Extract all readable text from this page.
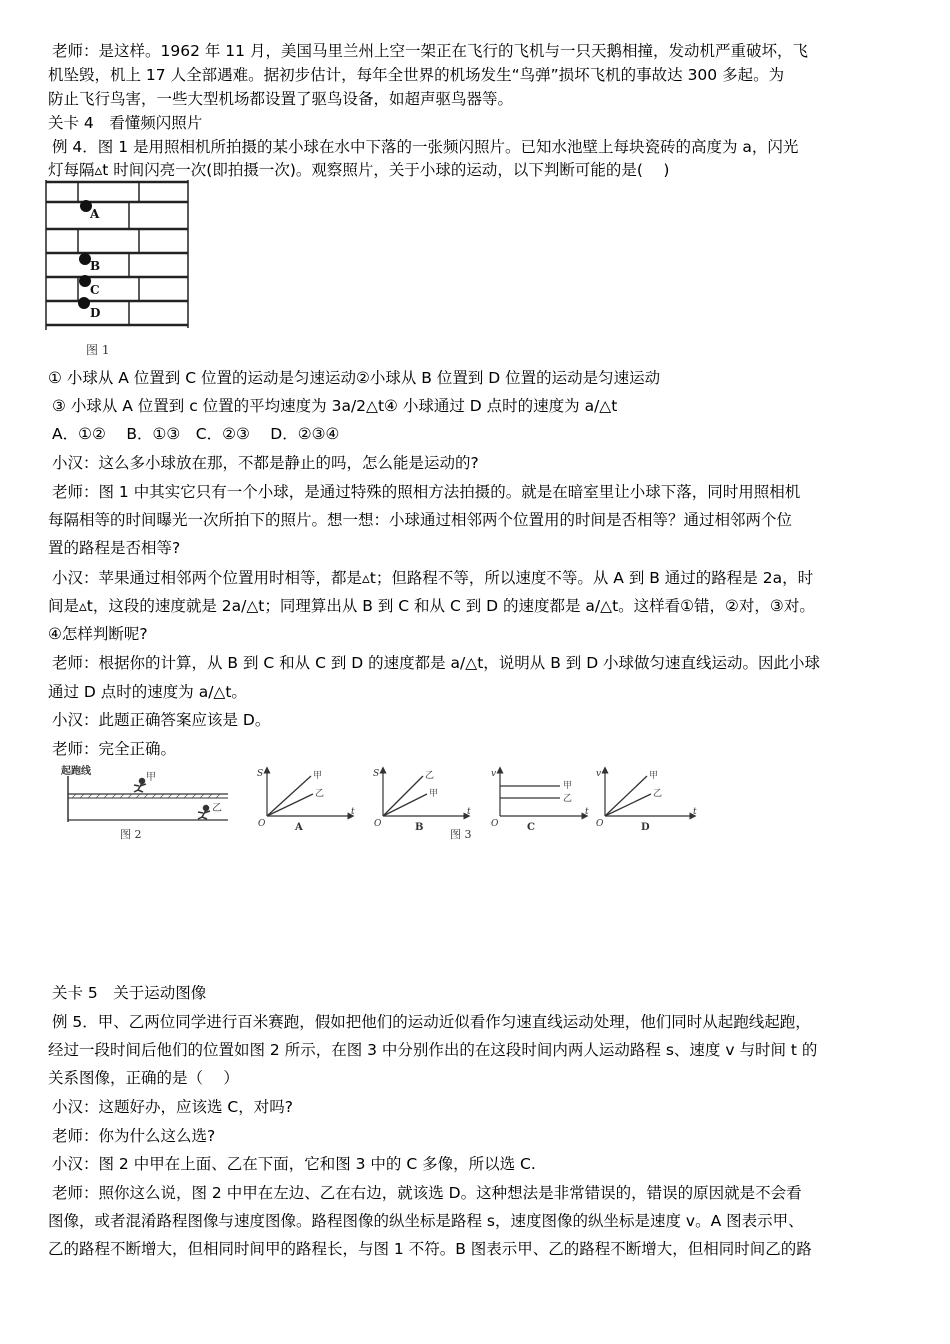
老师：是这样。1962 年 11 月，美国马里兰州上空一架正在飞行的飞机与一只天鹅相撞，发动机严重破坏，飞
机坠毁，机上 17 人全部遇难。据初步估计，每年全世界的机场发生“鸟弹”损坏飞机的事故达 300 多起。为
防止飞行鸟害，一些大型机场都设置了驱鸟设备，如超声驱鸟器等。
关卡 4　看懂频闪照片
例 4．图 1 是用照相机所拍摄的某小球在水中下落的一张频闪照片。已知水池壁上每块瓷砖的高度为 a，闪光
灯每隔▵t 时间闪亮一次(即拍摄一次)。观察照片，关于小球的运动，以下判断可能的是(　 )
A
B
C
D
图 1
① 小球从 A 位置到 C 位置的运动是匀速运动②小球从 B 位置到 D 位置的运动是匀速运动
③ 小球从 A 位置到 c 位置的平均速度为 3a/2△t④ 小球通过 D 点时的速度为 a/△t
A．①②　 B．①③　C．②③　 D．②③④
小汉：这么多小球放在那，不都是静止的吗，怎么能是运动的?
老师：图 1 中其实它只有一个小球，是通过特殊的照相方法拍摄的。就是在暗室里让小球下落，同时用照相机
每隔相等的时间曝光一次所拍下的照片。想一想：小球通过相邻两个位置用的时间是否相等？通过相邻两个位
置的路程是否相等?
小汉：苹果通过相邻两个位置用时相等，都是▵t；但路程不等，所以速度不等。从 A 到 B 通过的路程是 2a，时
间是▵t，这段的速度就是 2a/△t；同理算出从 B 到 C 和从 C 到 D 的速度都是 a/△t。这样看①错，②对，③对。
④怎样判断呢?
老师：根据你的计算，从 B 到 C 和从 C 到 D 的速度都是 a/△t，说明从 B 到 D 小球做匀速直线运动。因此小球
通过 D 点时的速度为 a/△t。
小汉：此题正确答案应该是 D。
老师：完全正确。
起跑线
甲
乙
图 2
S
t
O
甲
乙
A
S
t
O
乙
甲
B
图 3
v
t
O
甲
乙
C
v
t
O
甲
乙
D
关卡 5　关于运动图像
例 5．甲、乙两位同学进行百米赛跑，假如把他们的运动近似看作匀速直线运动处理，他们同时从起跑线起跑，
经过一段时间后他们的位置如图 2 所示，在图 3 中分别作出的在这段时间内两人运动路程 s、速度 v 与时间 t 的
关系图像，正确的是（　 ）
小汉：这题好办，应该选 C，对吗?
老师：你为什么这么选?
小汉：图 2 中甲在上面、乙在下面，它和图 3 中的 C 多像，所以选 C.
老师：照你这么说，图 2 中甲在左边、乙在右边，就该选 D。这种想法是非常错误的，错误的原因就是不会看
图像，或者混淆路程图像与速度图像。路程图像的纵坐标是路程 s，速度图像的纵坐标是速度 v。A 图表示甲、
乙的路程不断增大，但相同时间甲的路程长，与图 1 不符。B 图表示甲、乙的路程不断增大，但相同时间乙的路
